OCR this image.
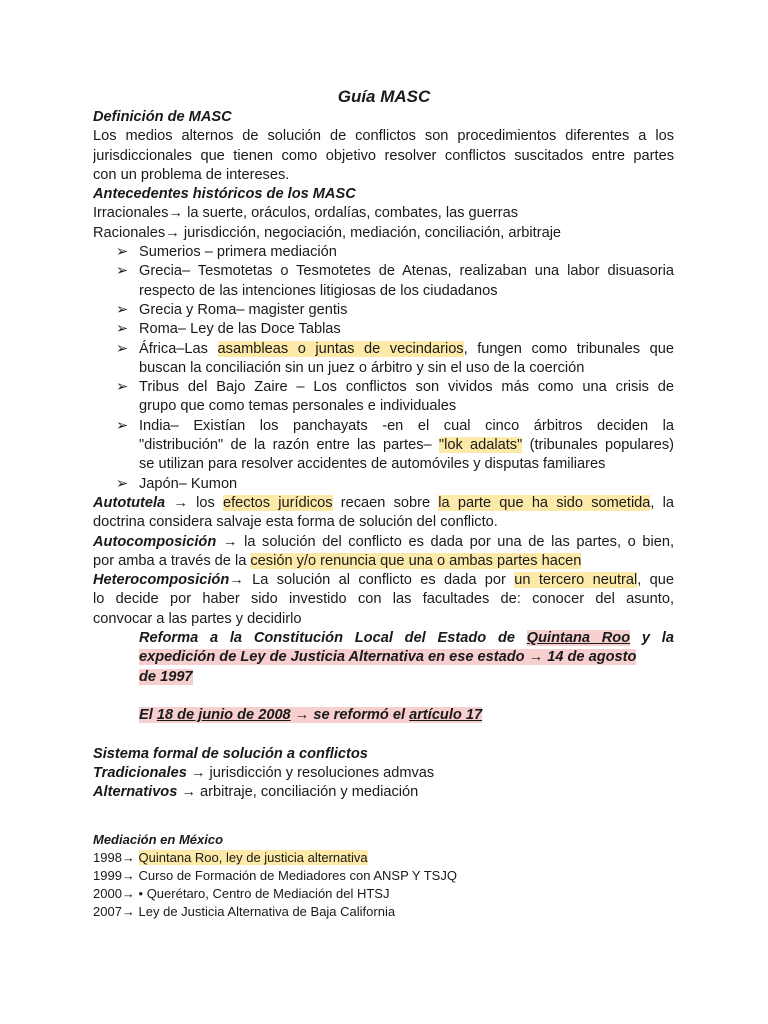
Guía MASC
Definición de MASC
Los medios alternos de solución de conflictos son procedimientos diferentes a los
jurisdiccionales que tienen como objetivo resolver conflictos suscitados entre partes
con un problema de intereses.
Antecedentes históricos de los MASC
Irracionales→ la suerte, oráculos, ordalías, combates, las guerras
Racionales→ jurisdicción, negociación, mediación, conciliación, arbitraje
➢ Sumerios – primera mediación
➢ Grecia– Tesmotetas o Tesmotetes de Atenas, realizaban una labor disuasoria
respecto de las intenciones litigiosas de los ciudadanos
➢ Grecia y Roma– magister gentis
➢ Roma– Ley de las Doce Tablas
➢ África–Las asambleas o juntas de vecindarios, fungen como tribunales que
buscan la conciliación sin un juez o árbitro y sin el uso de la coerción
➢ Tribus del Bajo Zaire – Los conflictos son vividos más como una crisis de
grupo que como temas personales e individuales
➢ India– Existían los panchayats -en el cual cinco árbitros deciden la
"distribución" de la razón entre las partes– "lok adalats" (tribunales populares)
se utilizan para resolver accidentes de automóviles y disputas familiares
➢ Japón– Kumon
Autotutela → los efectos jurídicos recaen sobre la parte que ha sido sometida, la
doctrina considera salvaje esta forma de solución del conflicto.
Autocomposición → la solución del conflicto es dada por una de las partes, o bien,
por amba a través de la cesión y/o renuncia que una o ambas partes hacen
Heterocomposición→ La solución al conflicto es dada por un tercero neutral, que
lo decide por haber sido investido con las facultades de: conocer del asunto,
convocar a las partes y decidirlo
Reforma a la Constitución Local del Estado de Quintana Roo y la
expedición de Ley de Justicia Alternativa en ese estado → 14 de agosto
de 1997
El 18 de junio de 2008 → se reformó el artículo 17
Sistema formal de solución a conflictos
Tradicionales → jurisdicción y resoluciones admvas
Alternativos → arbitraje, conciliación y mediación
Mediación en México
1998→ Quintana Roo, ley de justicia alternativa
1999→ Curso de Formación de Mediadores con ANSP Y TSJQ
2000→ • Querétaro, Centro de Mediación del HTSJ
2007→ Ley de Justicia Alternativa de Baja California
